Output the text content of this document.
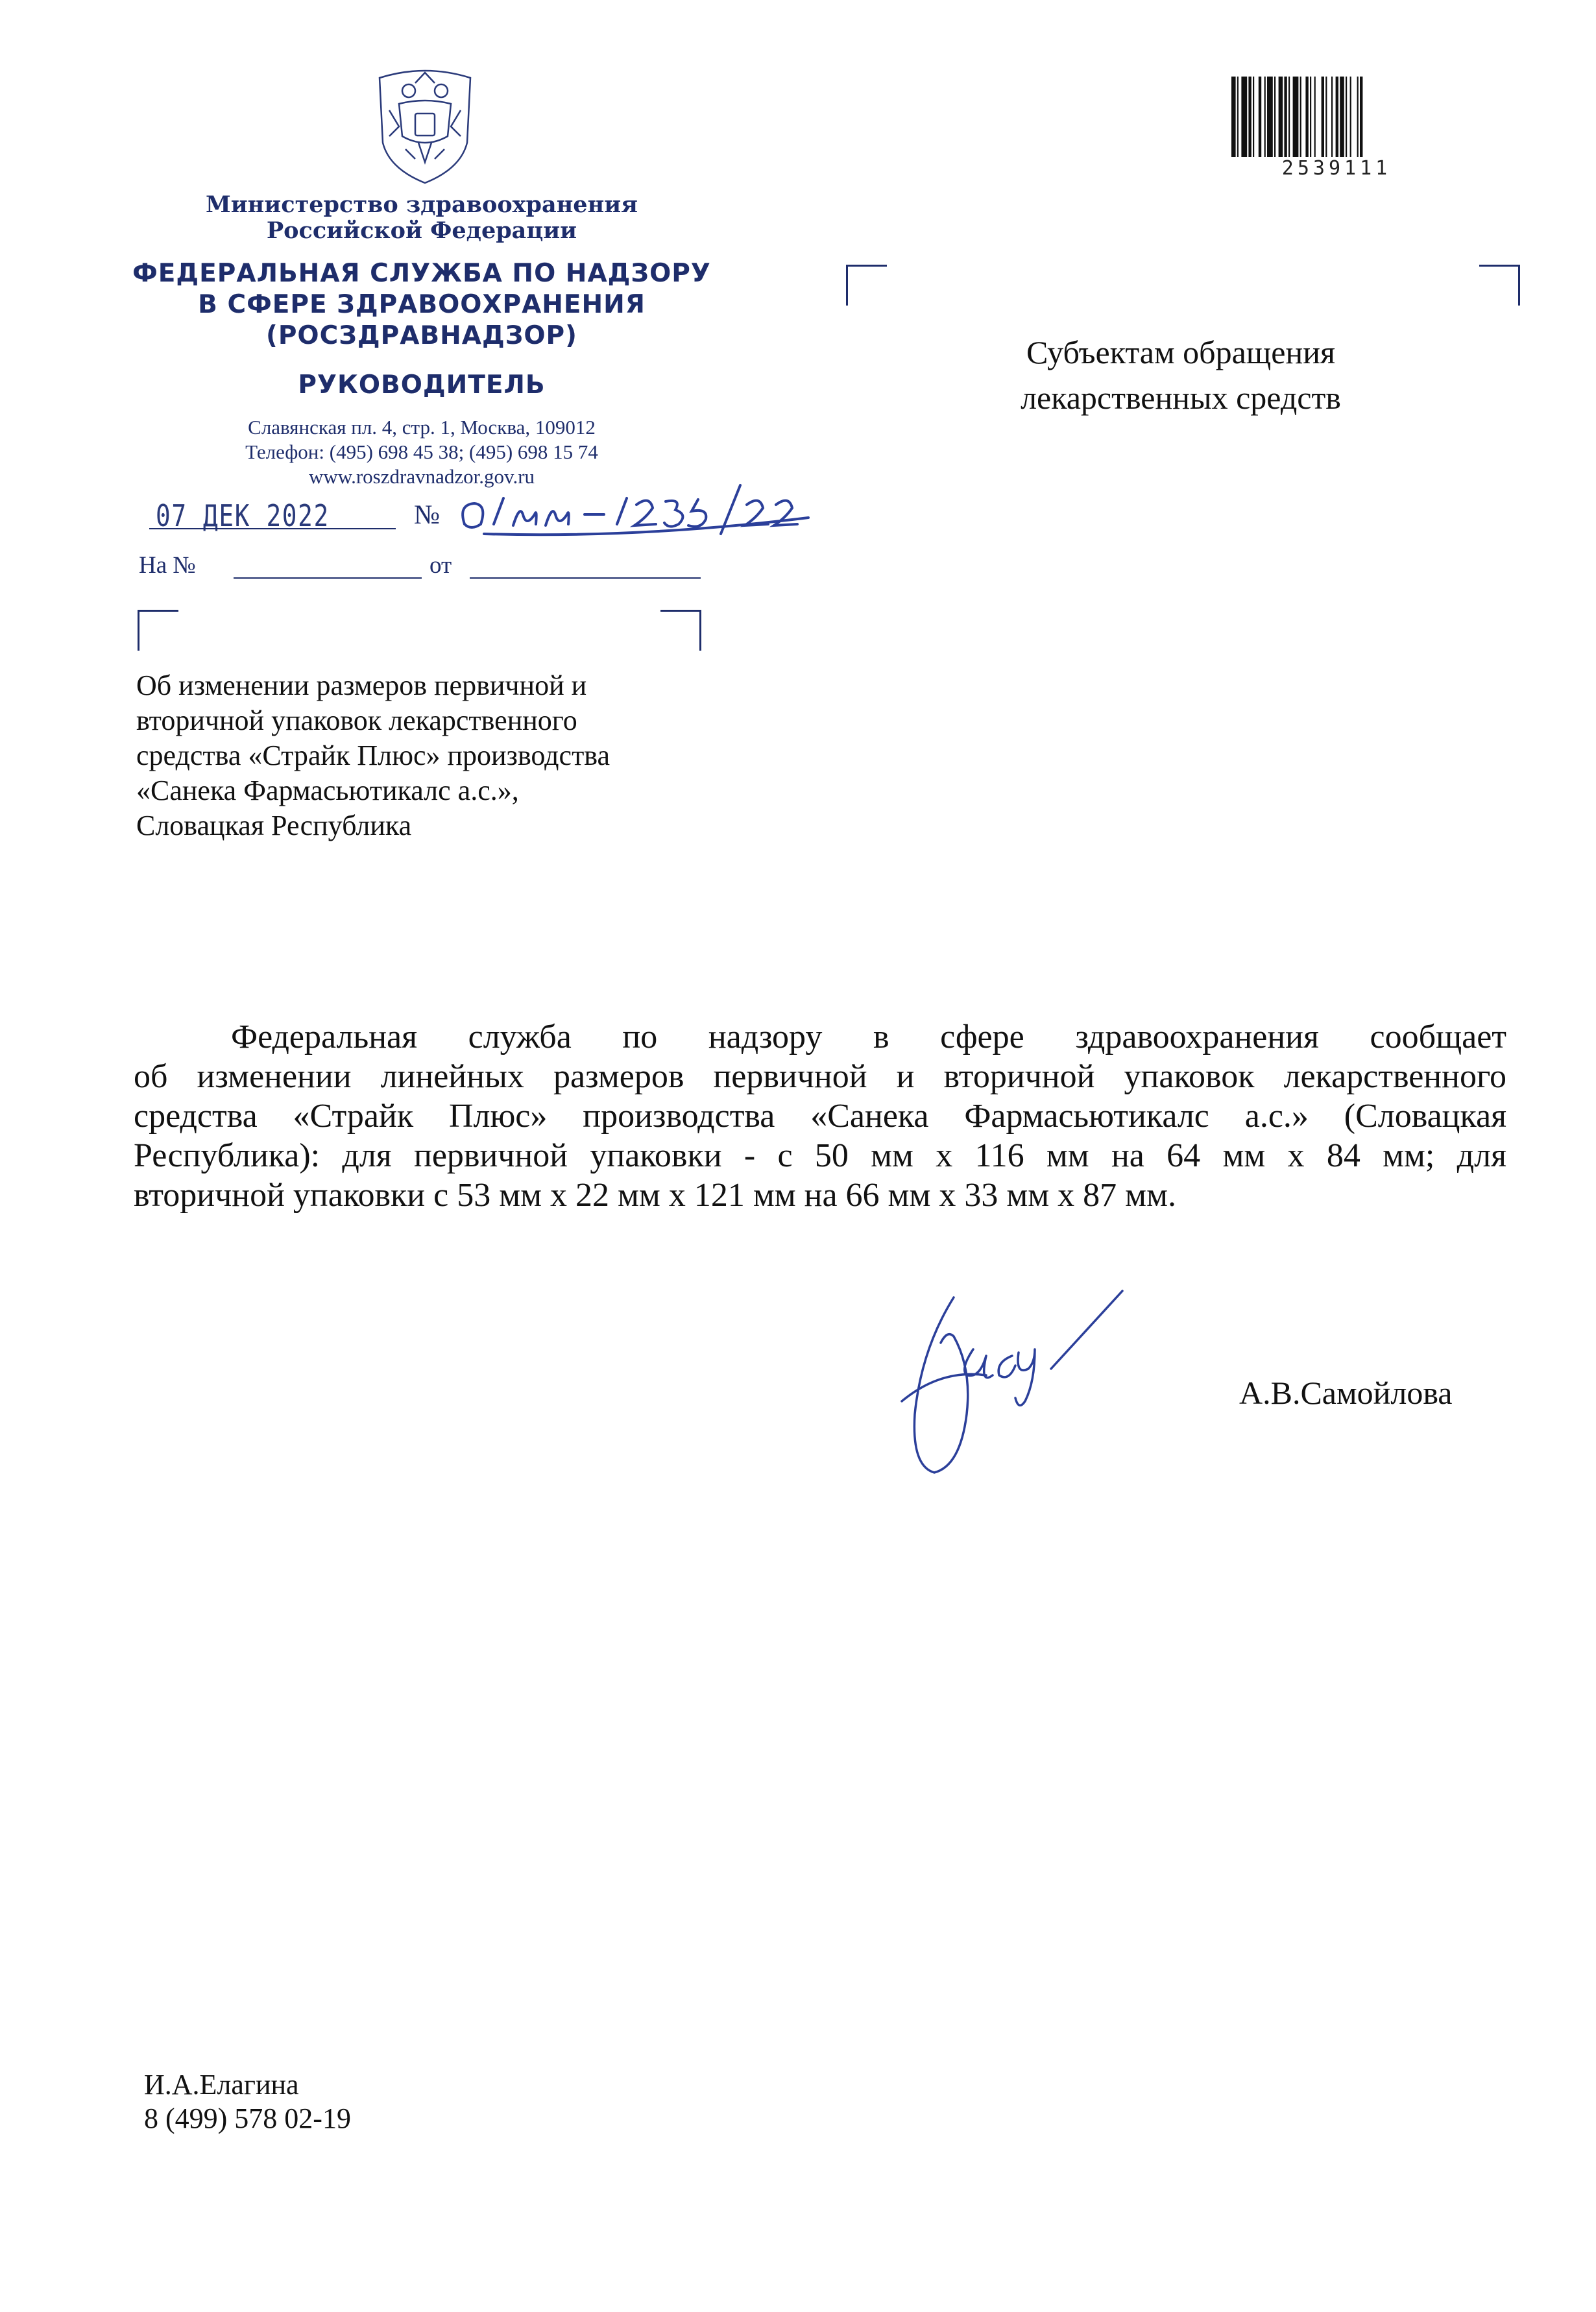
Министерство здравоохранения
Российской Федерации
ФЕДЕРАЛЬНАЯ СЛУЖБА ПО НАДЗОРУ
В СФЕРЕ ЗДРАВООХРАНЕНИЯ
(РОСЗДРАВНАДЗОР)
РУКОВОДИТЕЛЬ
Славянская пл. 4, стр. 1, Москва, 109012
Телефон: (495) 698 45 38; (495) 698 15 74
www.roszdravnadzor.gov.ru
07 ДЕК 2022	№
На №	от
2539111
Субъектам обращения
лекарственных средств
Об изменении размеров первичной и
вторичной упаковок лекарственного
средства «Страйк Плюс» производства
«Санека Фармасьютикалс а.с.»,
Словацкая Республика
Федеральная служба по надзору в сфере здравоохранения сообщает
об изменении линейных размеров первичной и вторичной упаковок лекарственного
средства «Страйк Плюс» производства «Санека Фармасьютикалс а.с.» (Словацкая
Республика): для первичной упаковки - с 50 мм х 116 мм на 64 мм х 84 мм; для
вторичной упаковки с 53 мм х 22 мм х 121 мм на 66 мм х 33 мм х 87 мм.
А.В.Самойлова
И.А.Елагина
8 (499) 578 02-19
